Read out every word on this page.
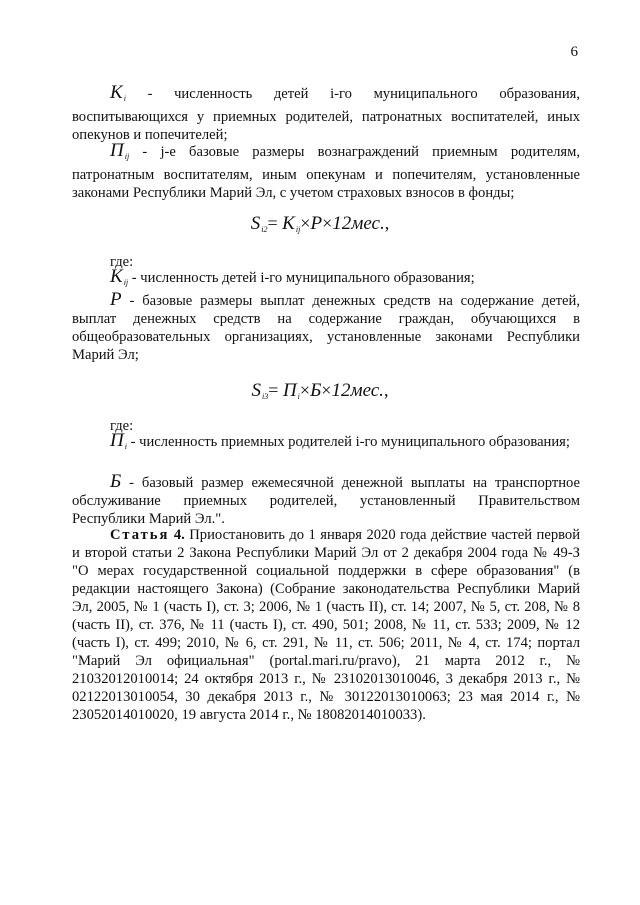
6
$K_i$ - численность детей i-го муниципального образования, воспитывающихся у приемных родителей, патронатных воспитателей, иных опекунов и попечителей;
$П_{ij} - j-е$ базовые размеры вознаграждений приемным родителям, патронатным воспитателям, иным опекунам и попечителям, установленные законами Республики Марий Эл, с учетом страховых взносов в фонды;
$S_{i2}= K_{ij}\times P\times 12мес$.,
где:
$K_{ij}$ - численность детей i-го муниципального образования;
P - базовые размеры выплат денежных средств на содержание детей, выплат денежных средств на содержание граждан, обучающихся в общеобразовательных организациях, установленные законами Республики Марий Эл;
$S_{i3}= П_i\times Б\times 12мес$.,
где:
$П_i$ - численность приемных родителей i-го муниципального образования;
Б - базовый размер ежемесячной денежной выплаты на транспортное обслуживание приемных родителей, установленный Правительством Республики Марий Эл.".
Статья 4. Приостановить до 1 января 2020 года действие частей первой и второй статьи 2 Закона Республики Марий Эл от 2 декабря 2004 года № 49-З "О мерах государственной социальной поддержки в сфере образования" (в редакции настоящего Закона) (Собрание законодательства Республики Марий Эл, 2005, № 1 (часть I), ст. 3; 2006, № 1 (часть II), ст. 14; 2007, № 5, ст. 208, № 8 (часть II), ст. 376, № 11 (часть I), ст. 490, 501; 2008, № 11, ст. 533; 2009, № 12 (часть I), ст. 499; 2010, № 6, ст. 291, № 11, ст. 506; 2011, № 4, ст. 174; портал "Марий Эл официальная" (portal.mari.ru/pravo), 21 марта 2012 г., № 21032012010014; 24 октября 2013 г., № 23102013010046, 3 декабря 2013 г., № 02122013010054, 30 декабря 2013 г., № 30122013010063; 23 мая 2014 г., № 23052014010020, 19 августа 2014 г., № 18082014010033).
